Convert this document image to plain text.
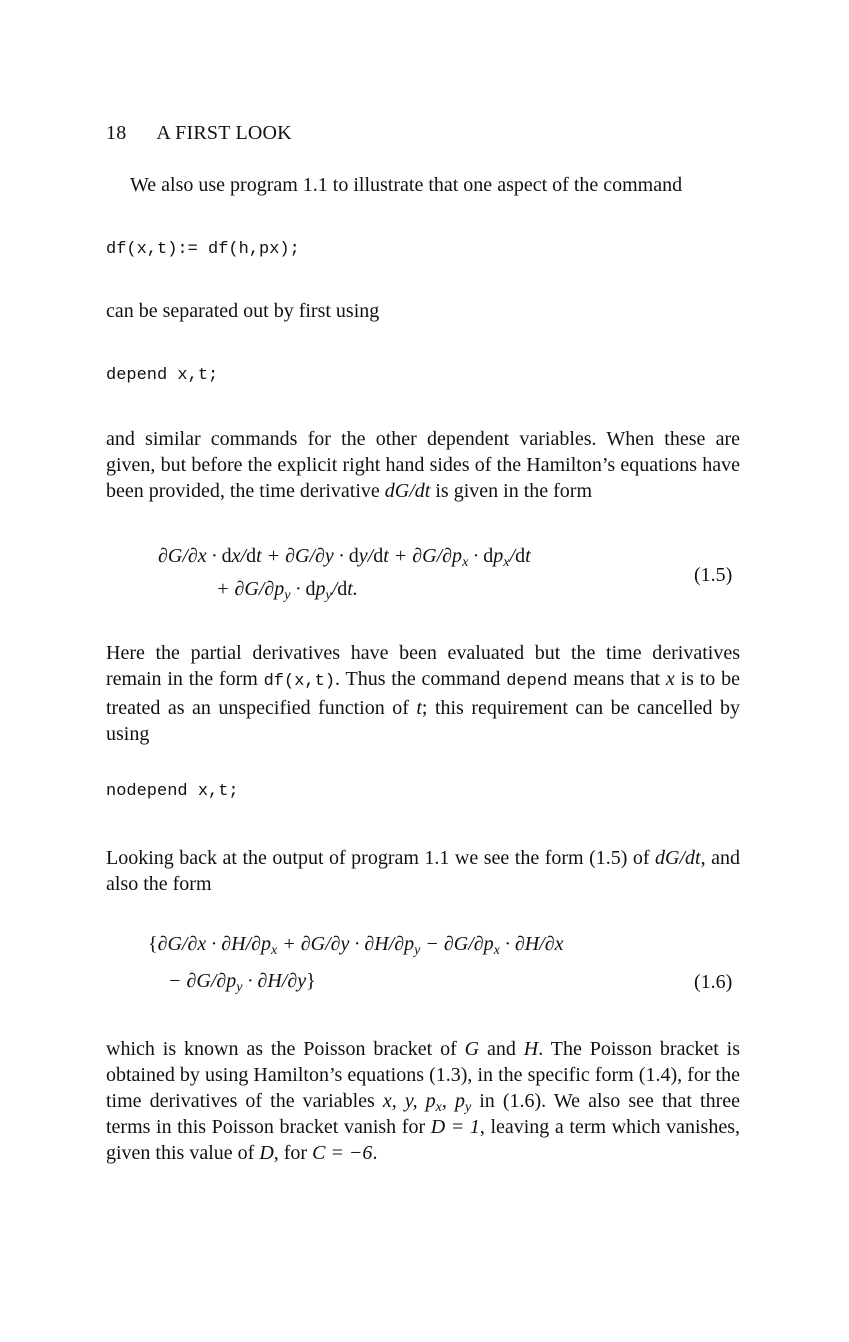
18 A FIRST LOOK

We also use program 1.1 to illustrate that one aspect of the command

df(x,t):= df(h,px);

can be separated out by first using

depend x,t;

and similar commands for the other dependent variables. When these are given, but before the explicit right hand sides of the Hamilton’s equations have been provided, the time derivative dG/dt is given in the form

$\partial G/\partial x \cdot dx/dt + \partial G/\partial y \cdot dy/dt + \partial G/\partial p_x \cdot dp_x/dt$
+ $\partial G/\partial p_y \cdot dp_y/dt$.
(1.5)

Here the partial derivatives have been evaluated but the time derivatives remain in the form df(x,t). Thus the command depend means that x is to be treated as an unspecified function of t; this requirement can be cancelled by using

nodepend x,t;

Looking back at the output of program 1.1 we see the form (1.5) of dG/dt, and also the form

{$\partial G/\partial x \cdot \partial H/\partial p_x + \partial G/\partial y \cdot \partial H/\partial p_y - \partial G/\partial p_x \cdot \partial H/\partial x$
− $\partial G/\partial p_y \cdot \partial H/\partial y$}	(1.6)

which is known as the Poisson bracket of G and H. The Poisson bracket is obtained by using Hamilton’s equations (1.3), in the specific form (1.4), for the time derivatives of the variables x, y, $p_x$, $p_y$ in (1.6). We also see that three terms in this Poisson bracket vanish for D = 1, leaving a term which vanishes, given this value of D, for C = −6.
